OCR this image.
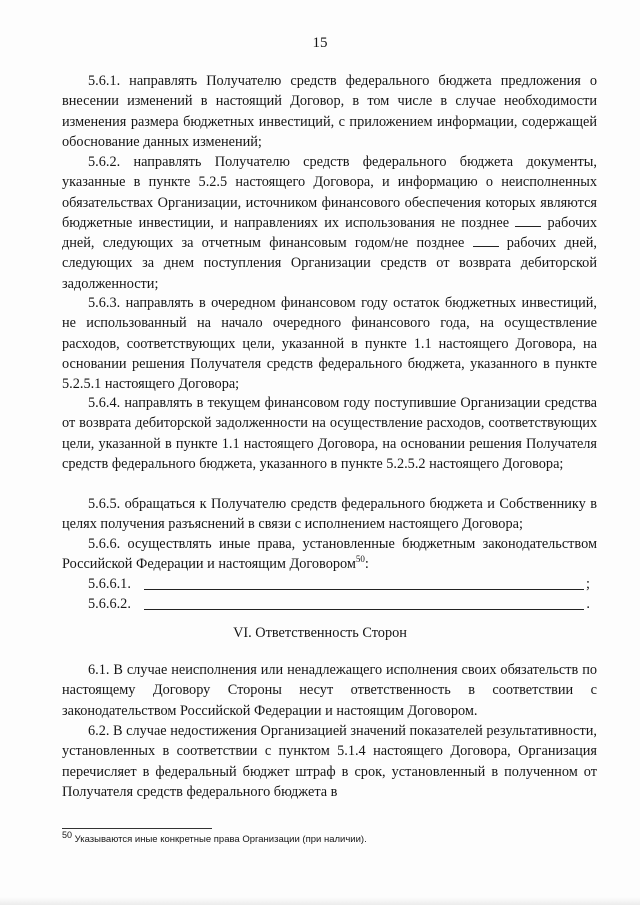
15

5.6.1. направлять Получателю средств федерального бюджета предложения о внесении изменений в настоящий Договор, в том числе в случае необходимости изменения размера бюджетных инвестиций, с приложением информации, содержащей обоснование данных изменений;

5.6.2. направлять Получателю средств федерального бюджета документы, указанные в пункте 5.2.5 настоящего Договора, и информацию о неисполненных обязательствах Организации, источником финансового обеспечения которых являются бюджетные инвестиции, и направлениях их использования не позднее	рабочих дней, следующих за отчетным финансовым годом/не позднее	рабочих дней, следующих за днем поступления Организации средств от возврата дебиторской задолженности;

5.6.3. направлять в очередном финансовом году остаток бюджетных инвестиций, не использованный на начало очередного финансового года, на осуществление расходов, соответствующих цели, указанной в пункте 1.1 настоящего Договора, на основании решения Получателя средств федерального бюджета, указанного в пункте 5.2.5.1 настоящего Договора;

5.6.4. направлять в текущем финансовом году поступившие Организации средства от возврата дебиторской задолженности на осуществление расходов, соответствующих цели, указанной в пункте 1.1 настоящего Договора, на основании решения Получателя средств федерального бюджета, указанного в пункте 5.2.5.2 настоящего Договора;

5.6.5. обращаться к Получателю средств федерального бюджета и Собственнику в целях получения разъяснений в связи с исполнением настоящего Договора;

5.6.6. осуществлять иные права, установленные бюджетным законодательством Российской Федерации и настоящим Договором$^{50}$:

5.6.6.1.	;
5.6.6.2.	.
VI. Ответственность Сторон

6.1. В случае неисполнения или ненадлежащего исполнения своих обязательств по настоящему Договору Стороны несут ответственность в соответствии с законодательством Российской Федерации и настоящим Договором.

6.2. В случае недостижения Организацией значений показателей результативности, установленных в соответствии с пунктом 5.1.4 настоящего Договора, Организация перечисляет в федеральный бюджет штраф в срок, установленный в полученном от Получателя средств федерального бюджета в

$^{50}$ Указываются иные конкретные права Организации (при наличии).
